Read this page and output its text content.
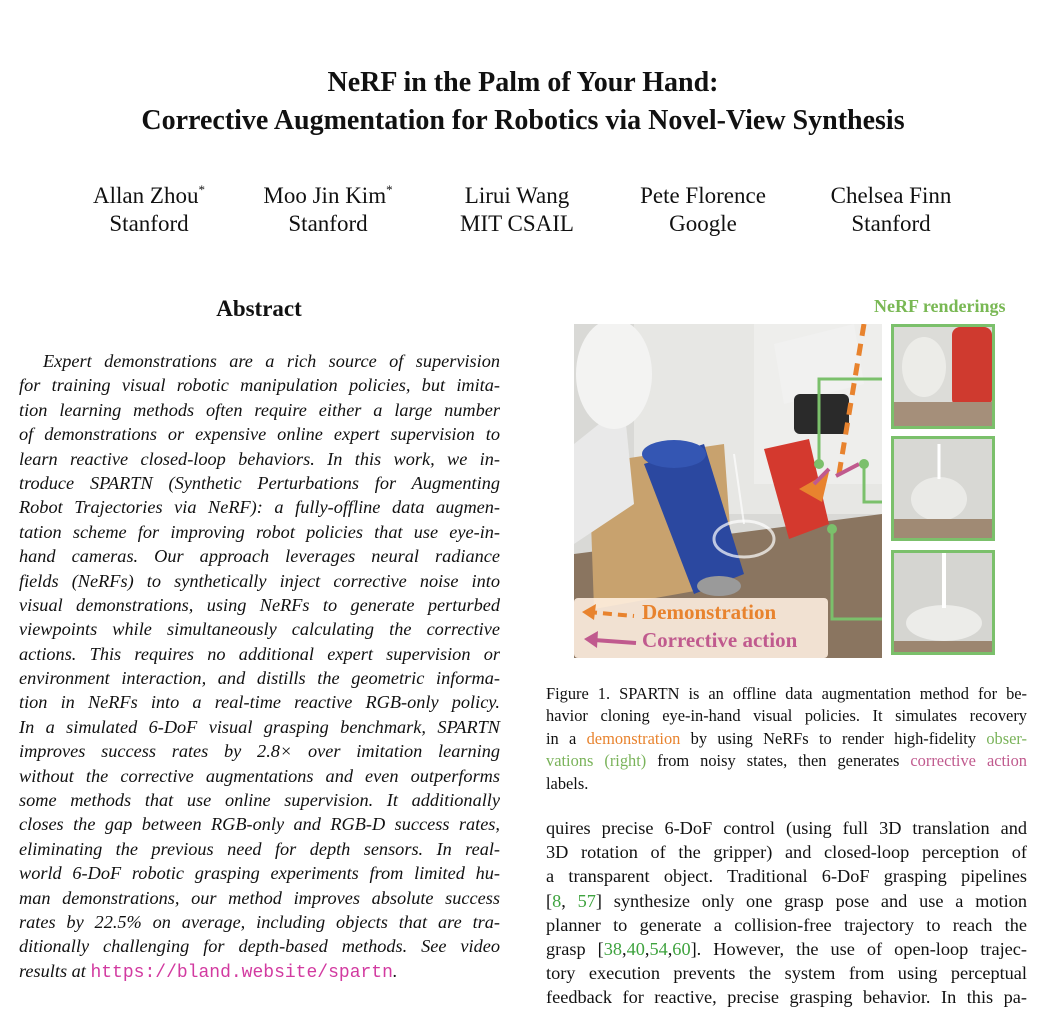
NeRF in the Palm of Your Hand:
Corrective Augmentation for Robotics via Novel-View Synthesis
Allan Zhou*
Stanford
Moo Jin Kim*
Stanford
Lirui Wang
MIT CSAIL
Pete Florence
Google
Chelsea Finn
Stanford
Abstract
Expert demonstrations are a rich source of supervision
for training visual robotic manipulation policies, but imita-
tion learning methods often require either a large number
of demonstrations or expensive online expert supervision to
learn reactive closed-loop behaviors. In this work, we in-
troduce SPARTN (Synthetic Perturbations for Augmenting
Robot Trajectories via NeRF): a fully-offline data augmen-
tation scheme for improving robot policies that use eye-in-
hand cameras. Our approach leverages neural radiance
fields (NeRFs) to synthetically inject corrective noise into
visual demonstrations, using NeRFs to generate perturbed
viewpoints while simultaneously calculating the corrective
actions. This requires no additional expert supervision or
environment interaction, and distills the geometric informa-
tion in NeRFs into a real-time reactive RGB-only policy.
In a simulated 6-DoF visual grasping benchmark, SPARTN
improves success rates by 2.8× over imitation learning
without the corrective augmentations and even outperforms
some methods that use online supervision. It additionally
closes the gap between RGB-only and RGB-D success rates,
eliminating the previous need for depth sensors. In real-
world 6-DoF robotic grasping experiments from limited hu-
man demonstrations, our method improves absolute success
rates by 22.5% on average, including objects that are tra-
ditionally challenging for depth-based methods. See video
results at https://bland.website/spartn.
NeRF renderings
Demonstration
Corrective action
Figure 1. SPARTN is an offline data augmentation method for be-
havior cloning eye-in-hand visual policies. It simulates recovery
in a demonstration by using NeRFs to render high-fidelity obser-
vations (right) from noisy states, then generates corrective action
labels.
quires precise 6-DoF control (using full 3D translation and
3D rotation of the gripper) and closed-loop perception of
a transparent object. Traditional 6-DoF grasping pipelines
[8, 57] synthesize only one grasp pose and use a motion
planner to generate a collision-free trajectory to reach the
grasp [38,40,54,60]. However, the use of open-loop trajec-
tory execution prevents the system from using perceptual
feedback for reactive, precise grasping behavior. In this pa-
